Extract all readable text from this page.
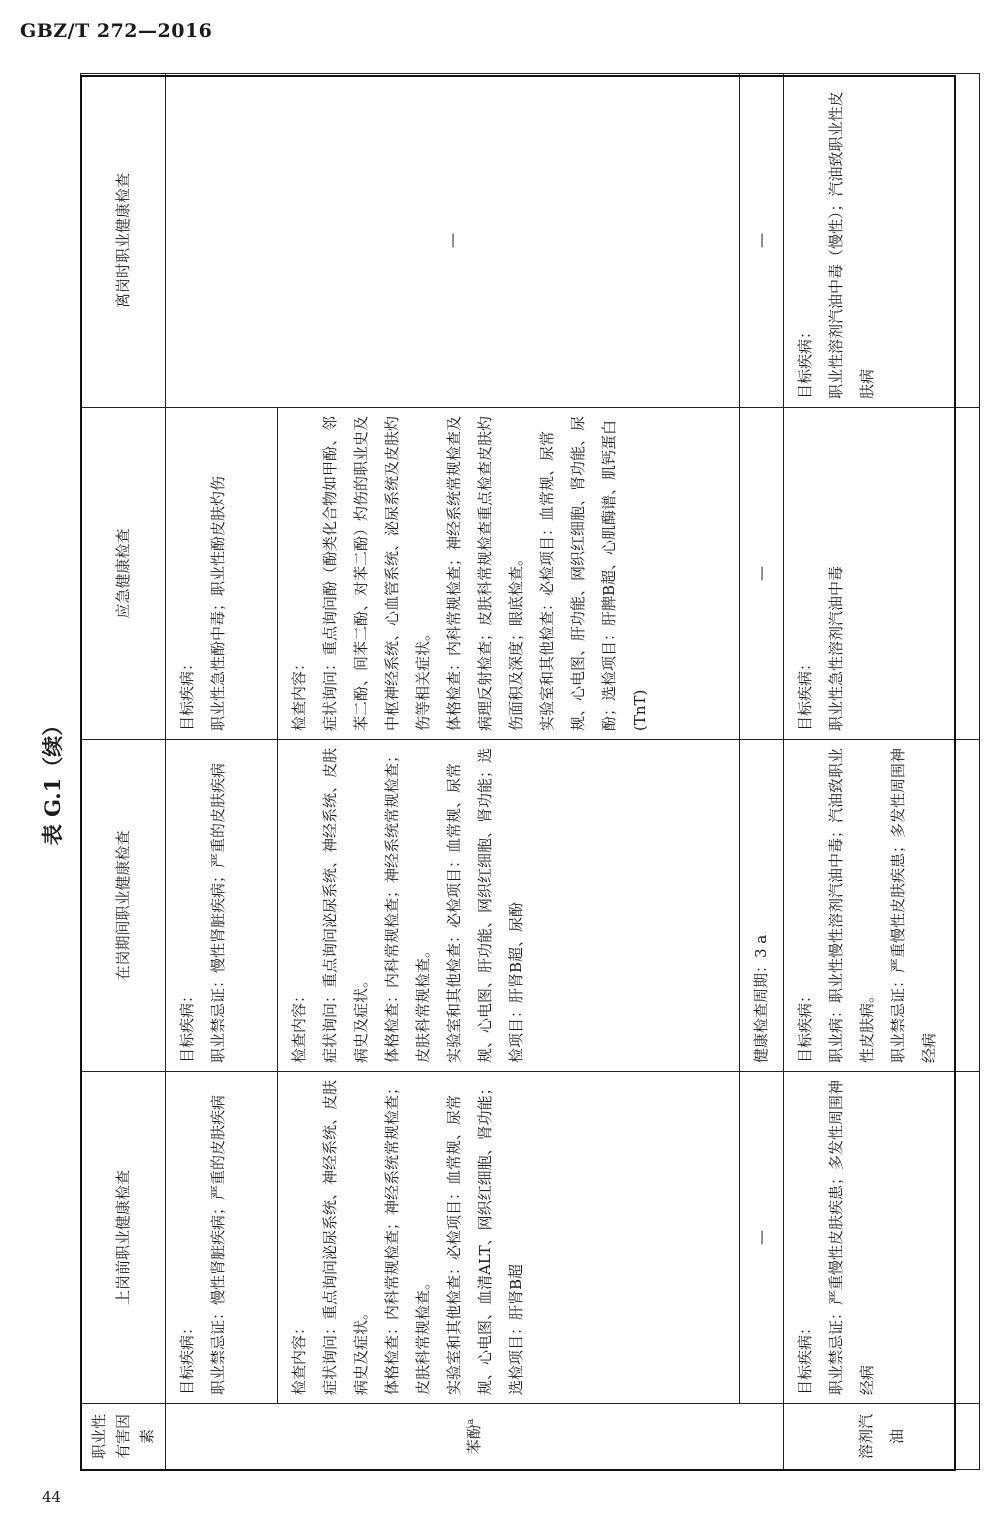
GBZ/T 272—2016
表 G.1（续）
44
职业性 有害因素	上岗前职业健康检查	在岗期间职业健康检查	应急健康检查	离岗时职业健康检查
苯酚$^a$	目标疾病： 职业禁忌证：慢性肾脏疾病；严重的皮肤疾病	目标疾病： 职业禁忌证：慢性肾脏疾病；严重的皮肤疾病	目标疾病： 职业性急性酚中毒；职业性酚皮肤灼伤	—

	检查内容： 症状询问：重点询问泌尿系统、神经系统、皮肤病史及症状。 体格检查：内科常规检查；神经系统常规检查；皮肤科常规检查。 实验室和其他检查：必检项目：血常规、尿常规、心电图、血清ALT、网织红细胞、肾功能；选检项目：肝肾B超	检查内容： 症状询问：重点询问泌尿系统、神经系统、皮肤病史及症状。 体格检查：内科常规检查；神经系统常规检查；皮肤科常规检查。 实验室和其他检查：必检项目：血常规、尿常规、心电图、肝功能、网织红细胞、肾功能；选检项目：肝肾B超、尿酚	检查内容： 症状询问：重点询问酚（酚类化合物如甲酚、邻苯二酚、间苯二酚、对苯二酚）灼伤的职业史及中枢神经系统、心血管系统、泌尿系统及皮肤灼伤等相关症状。 体格检查：内科常规检查；神经系统常规检查及病理反射检查；皮肤科常规检查重点检查皮肤灼伤面积及深度；眼底检查。 实验室和其他检查：必检项目：血常规、尿常规、心电图、肝功能、网织红细胞、肾功能、尿酚；选检项目：肝脾B超、心肌酶谱、肌钙蛋白(TnT)	

	—	健康检查周期：3 a	—	—
溶剂汽油	目标疾病： 职业禁忌证：严重慢性皮肤疾患；多发性周围神经病	目标疾病： 职业病：职业性慢性溶剂汽油中毒；汽油致职业性皮肤病。 职业禁忌证：严重慢性皮肤疾患；多发性周围神经病	目标疾病： 职业性急性溶剂汽油中毒	目标疾病： 职业性溶剂汽油中毒（慢性）；汽油致职业性皮肤病
